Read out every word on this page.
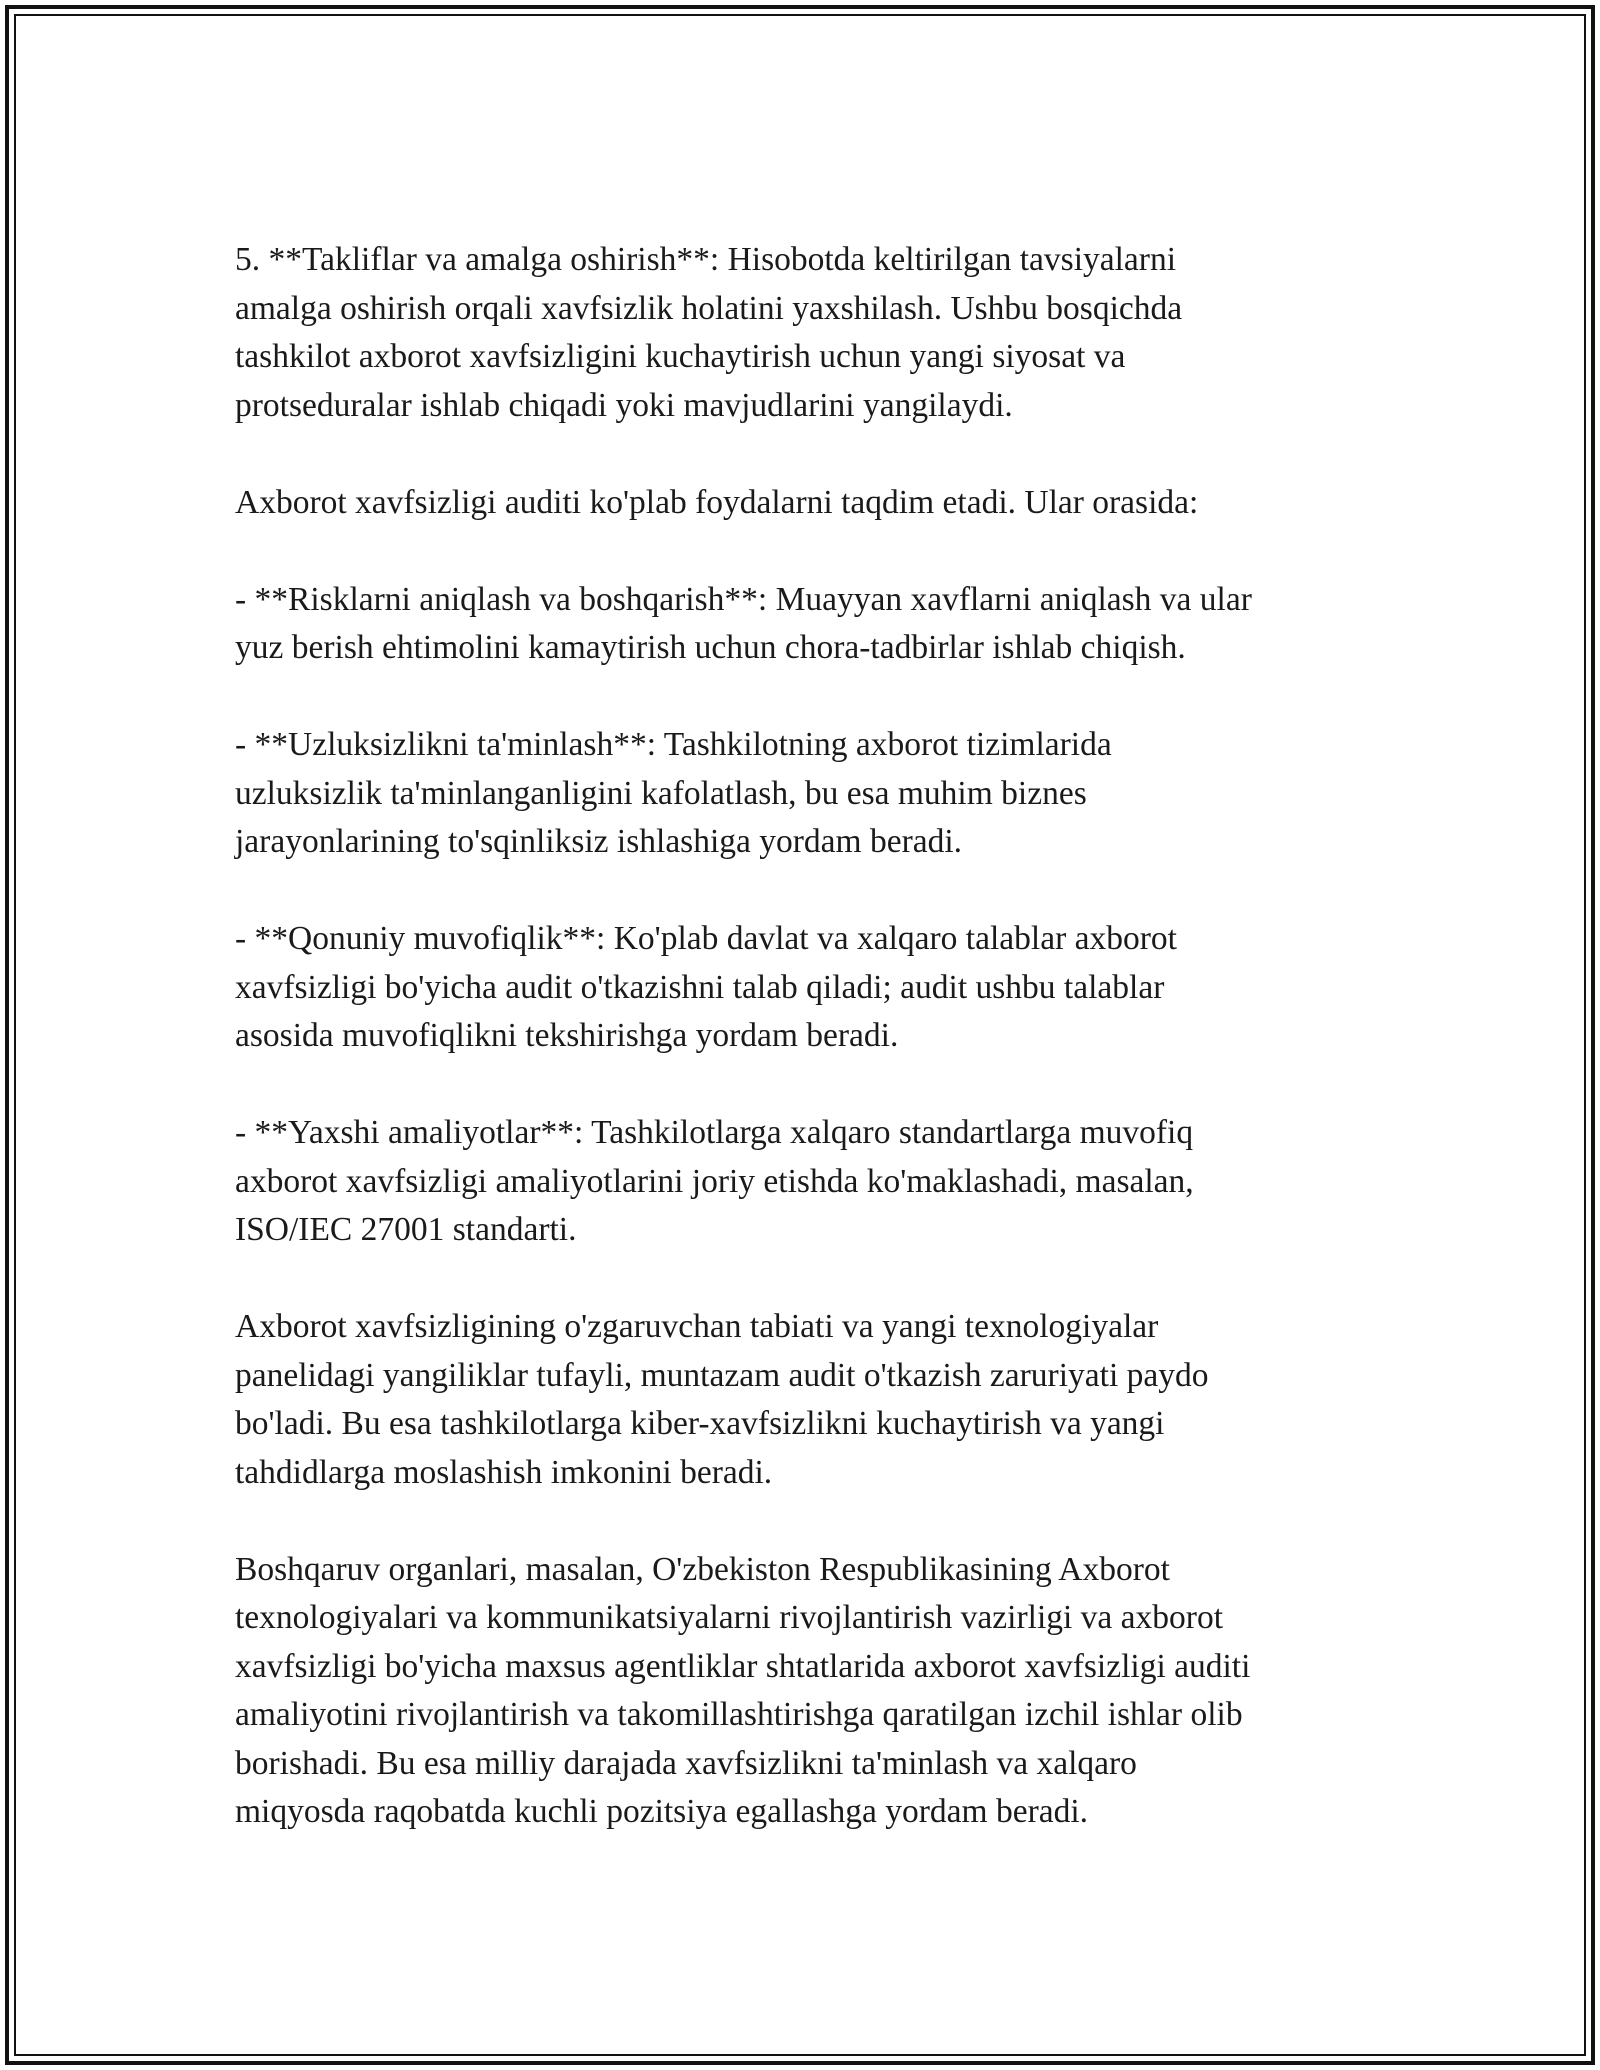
5. **Takliflar va amalga oshirish**: Hisobotda keltirilgan tavsiyalarni
amalga oshirish orqali xavfsizlik holatini yaxshilash. Ushbu bosqichda
tashkilot axborot xavfsizligini kuchaytirish uchun yangi siyosat va
protseduralar ishlab chiqadi yoki mavjudlarini yangilaydi.

Axborot xavfsizligi auditi ko'plab foydalarni taqdim etadi. Ular orasida:

- **Risklarni aniqlash va boshqarish**: Muayyan xavflarni aniqlash va ular
yuz berish ehtimolini kamaytirish uchun chora-tadbirlar ishlab chiqish.

- **Uzluksizlikni ta'minlash**: Tashkilotning axborot tizimlarida
uzluksizlik ta'minlanganligini kafolatlash, bu esa muhim biznes
jarayonlarining to'sqinliksiz ishlashiga yordam beradi.

- **Qonuniy muvofiqlik**: Ko'plab davlat va xalqaro talablar axborot
xavfsizligi bo'yicha audit o'tkazishni talab qiladi; audit ushbu talablar
asosida muvofiqlikni tekshirishga yordam beradi.

- **Yaxshi amaliyotlar**: Tashkilotlarga xalqaro standartlarga muvofiq
axborot xavfsizligi amaliyotlarini joriy etishda ko'maklashadi, masalan,
ISO/IEC 27001 standarti.

Axborot xavfsizligining o'zgaruvchan tabiati va yangi texnologiyalar
panelidagi yangiliklar tufayli, muntazam audit o'tkazish zaruriyati paydo
bo'ladi. Bu esa tashkilotlarga kiber-xavfsizlikni kuchaytirish va yangi
tahdidlarga moslashish imkonini beradi.

Boshqaruv organlari, masalan, O'zbekiston Respublikasining Axborot
texnologiyalari va kommunikatsiyalarni rivojlantirish vazirligi va axborot
xavfsizligi bo'yicha maxsus agentliklar shtatlarida axborot xavfsizligi auditi
amaliyotini rivojlantirish va takomillashtirishga qaratilgan izchil ishlar olib
borishadi. Bu esa milliy darajada xavfsizlikni ta'minlash va xalqaro
miqyosda raqobatda kuchli pozitsiya egallashga yordam beradi.
